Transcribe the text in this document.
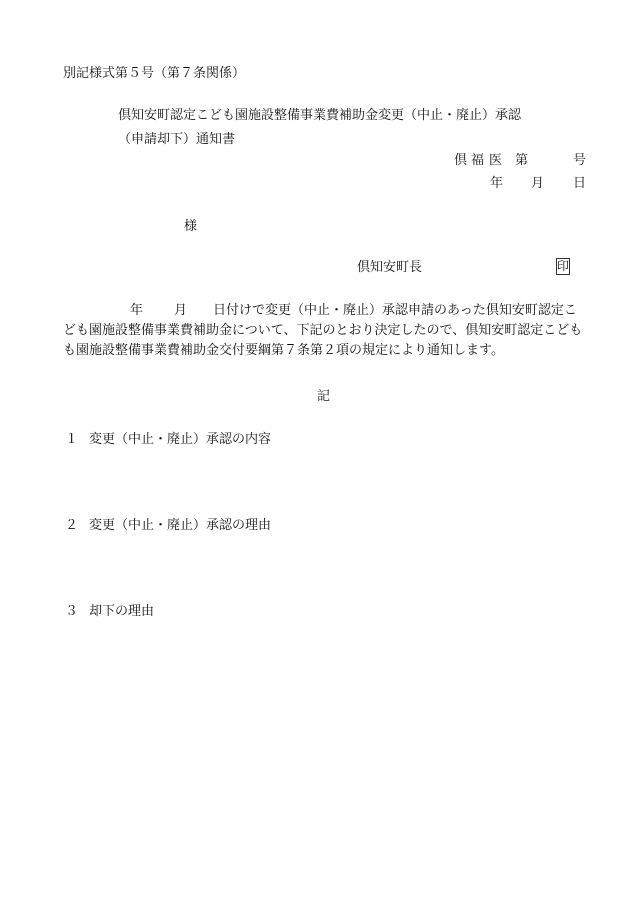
別記様式第５号（第７条関係）
倶知安町認定こども園施設整備事業費補助金変更（中止・廃止）承認
（申請却下）通知書
倶 福 医 第	号
年 月 日
様
倶知安町長	印
年 月 日付けで変更（中止・廃止）承認申請のあった倶知安町認定こ
ども園施設整備事業費補助金について、下記のとおり決定したので、倶知安町認定こども
も園施設整備事業費補助金交付要綱第７条第２項の規定により通知します。
記
１ 変更（中止・廃止）承認の内容
２ 変更（中止・廃止）承認の理由
３ 却下の理由
